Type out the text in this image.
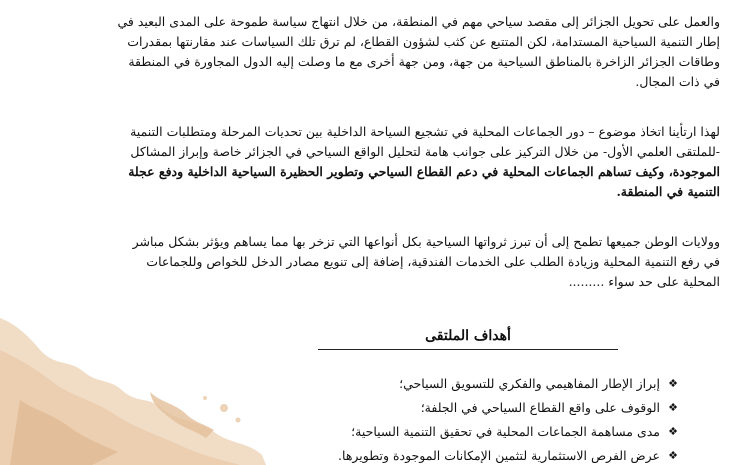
والعمل على تحويل الجزائر إلى مقصد سياحي مهم في المنطقة، من خلال انتهاج سياسة طموحة على المدى البعيد في
إطار التنمية السياحية المستدامة، لكن المتتبع عن كثب لشؤون القطاع، لم ترق تلك السياسات عند مقارنتها بمقدرات
وطاقات الجزائر الزاخرة بالمناطق السياحية من جهة، ومن جهة أخرى مع ما وصلت إليه الدول المجاورة في المنطقة
في ذات المجال.
لهذا ارتأينا اتخاذ موضوع – دور الجماعات المحلية في تشجيع السياحة الداخلية بين تحديات المرحلة ومتطلبات التنمية
-للملتقى العلمي الأول- من خلال التركيز على جوانب هامة لتحليل الواقع السياحي في الجزائر خاصة وإبراز المشاكل
الموجودة، وكيف تساهم الجماعات المحلية في دعم القطاع السياحي وتطوير الحظيرة السياحية الداخلية ودفع عجلة
التنمية في المنطقة.
وولايات الوطن جميعها تطمح إلى أن تبرز ثرواتها السياحية بكل أنواعها التي تزخر بها مما يساهم ويؤثر بشكل مباشر
في رفع التنمية المحلية وزيادة الطلب على الخدمات الفندقية، إضافة إلى تنويع مصادر الدخل للخواص وللجماعات
المحلية على حد سواء .........
أهداف الملتقى
❖
إبراز الإطار المفاهيمي والفكري للتسويق السياحي؛
❖
الوقوف على واقع القطاع السياحي في الجلفة؛
❖
مدى مساهمة الجماعات المحلية في تحقيق التنمية السياحية؛
❖
عرض الفرص الاستثمارية لتثمين الإمكانات الموجودة وتطويرها.
